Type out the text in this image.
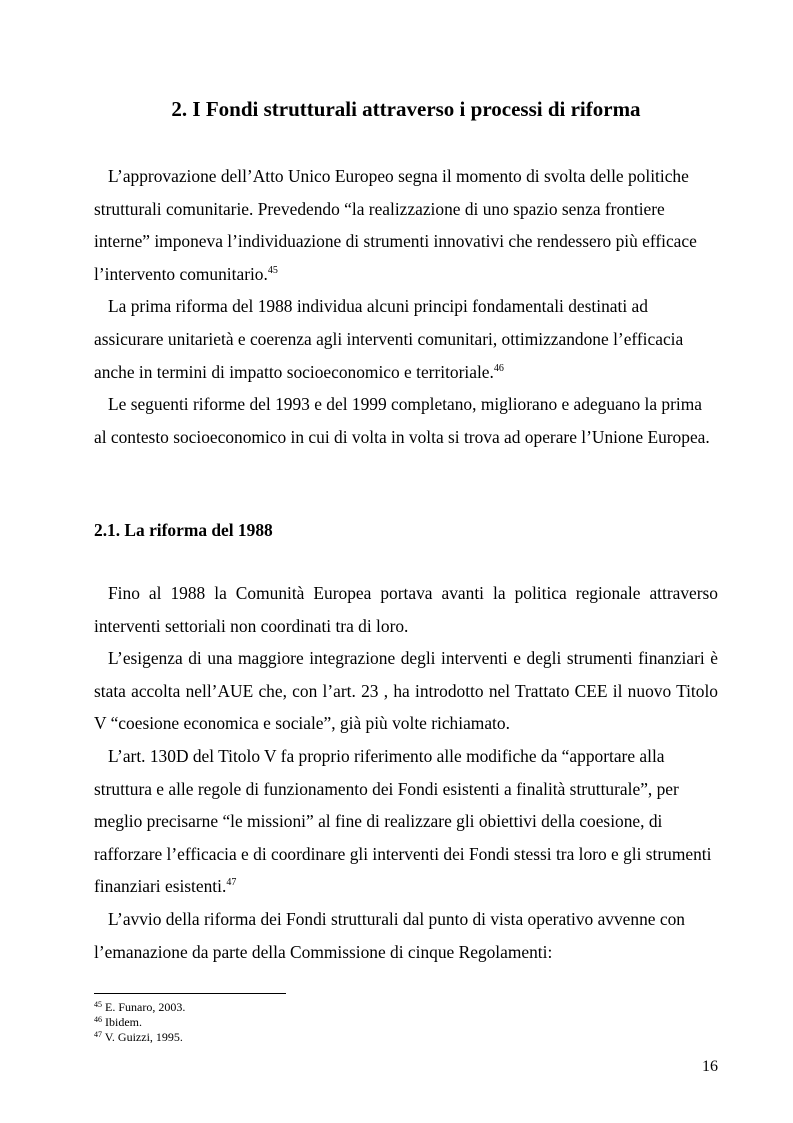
2. I Fondi strutturali attraverso i processi di riforma

L’approvazione dell’Atto Unico Europeo segna il momento di svolta delle politiche strutturali comunitarie. Prevedendo “la realizzazione di uno spazio senza frontiere interne” imponeva l’individuazione di strumenti innovativi che rendessero più efficace l’intervento comunitario.$^{45}$

La prima riforma del 1988 individua alcuni principi fondamentali destinati ad assicurare unitarietà e coerenza agli interventi comunitari, ottimizzandone l’efficacia anche in termini di impatto socioeconomico e territoriale.$^{46}$

Le seguenti riforme del 1993 e del 1999 completano, migliorano e adeguano la prima al contesto socioeconomico in cui di volta in volta si trova ad operare l’Unione Europea.

2.1. La riforma del 1988

Fino al 1988 la Comunità Europea portava avanti la politica regionale attraverso interventi settoriali non coordinati tra di loro.

L’esigenza di una maggiore integrazione degli interventi e degli strumenti finanziari è stata accolta nell’AUE che, con l’art. 23 , ha introdotto nel Trattato CEE il nuovo Titolo V “coesione economica e sociale”, già più volte richiamato.

L’art. 130D del Titolo V fa proprio riferimento alle modifiche da “apportare alla struttura e alle regole di funzionamento dei Fondi esistenti a finalità strutturale”, per meglio precisarne “le missioni” al fine di realizzare gli obiettivi della coesione, di rafforzare l’efficacia e di coordinare gli interventi dei Fondi stessi tra loro e gli strumenti finanziari esistenti.$^{47}$

L’avvio della riforma dei Fondi strutturali dal punto di vista operativo avvenne con l’emanazione da parte della Commissione di cinque Regolamenti:

$^{45}$ E. Funaro, 2003.
$^{46}$ Ibidem.
$^{47}$ V. Guizzi, 1995.
16
